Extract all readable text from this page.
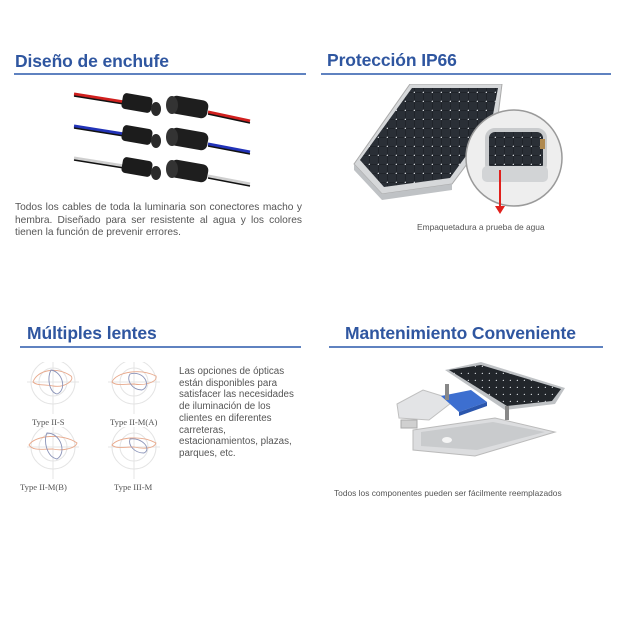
Diseño de enchufe
Todos los cables de toda la luminaria son conectores macho y hembra. Diseñado para ser resistente al agua y los colores tienen la función de prevenir errores.
Protección IP66
Empaquetadura a prueba de agua
Múltiples lentes
Type II-S	Type II-M(A)
Type II-M(B)	Type III-M
Las opciones de ópticas están disponibles para satisfacer las necesidades de iluminación de los clientes en diferentes carreteras, estacionamientos, plazas, parques, etc.
Mantenimiento Conveniente
Todos los componentes pueden ser fácilmente reemplazados
